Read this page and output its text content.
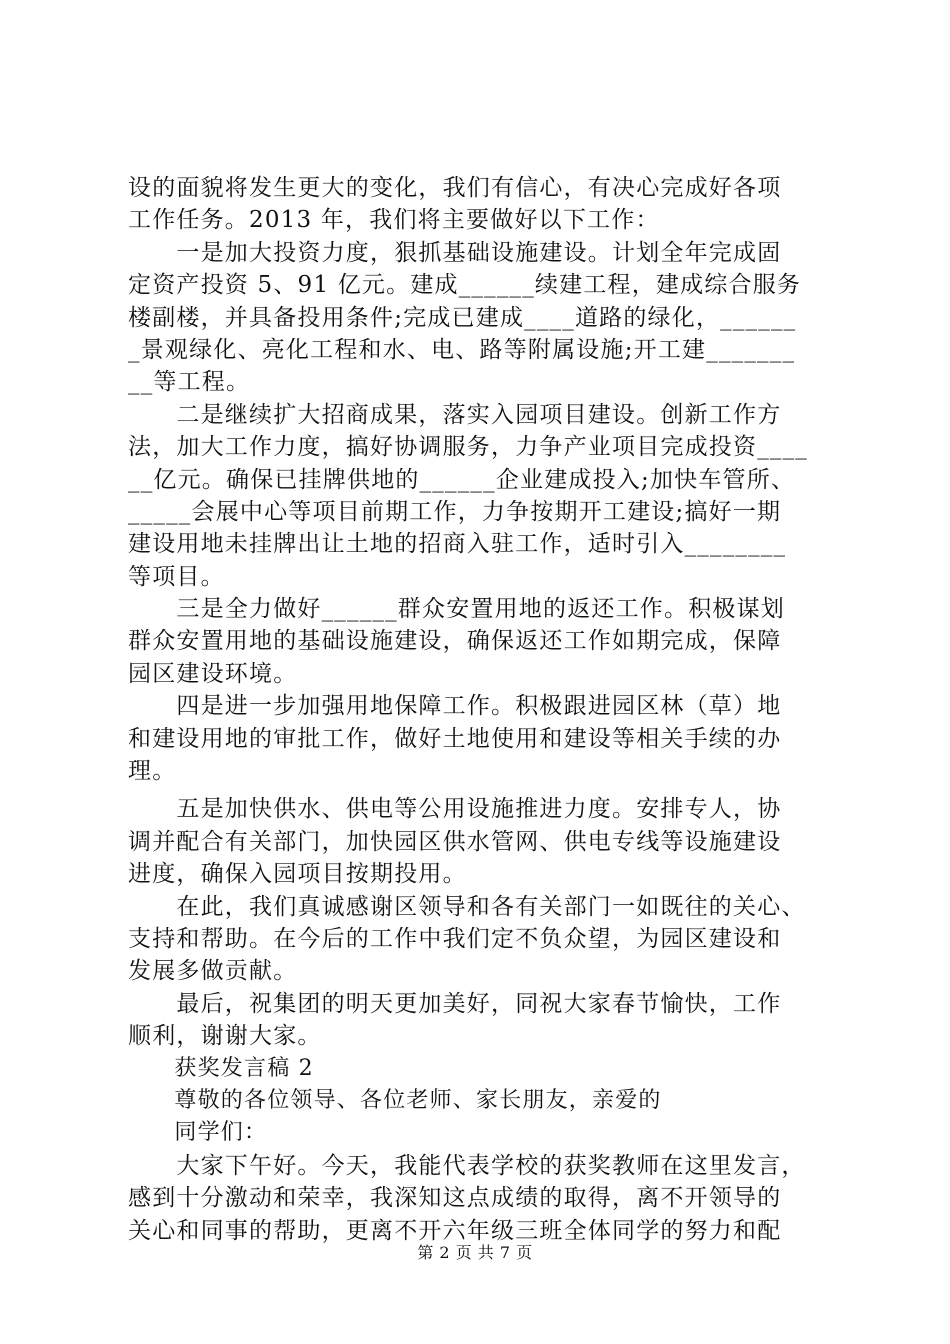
设的面貌将发生更大的变化，我们有信心，有决心完成好各项
工作任务。2013 年，我们将主要做好以下工作：
　　一是加大投资力度，狠抓基础设施建设。计划全年完成固
定资产投资 5、91 亿元。建成______续建工程，建成综合服务
楼副楼，并具备投用条件;完成已建成____道路的绿化，______
_景观绿化、亮化工程和水、电、路等附属设施;开工建_______
__等工程。
　　二是继续扩大招商成果，落实入园项目建设。创新工作方
法，加大工作力度，搞好协调服务，力争产业项目完成投资____
__亿元。确保已挂牌供地的______企业建成投入;加快车管所、
_____会展中心等项目前期工作，力争按期开工建设;搞好一期
建设用地未挂牌出让土地的招商入驻工作，适时引入________
等项目。
　　三是全力做好______群众安置用地的返还工作。积极谋划
群众安置用地的基础设施建设，确保返还工作如期完成，保障
园区建设环境。
　　四是进一步加强用地保障工作。积极跟进园区林（草）地
和建设用地的审批工作，做好土地使用和建设等相关手续的办
理。
　　五是加快供水、供电等公用设施推进力度。安排专人，协
调并配合有关部门，加快园区供水管网、供电专线等设施建设
进度，确保入园项目按期投用。
　　在此，我们真诚感谢区领导和各有关部门一如既往的关心、
支持和帮助。在今后的工作中我们定不负众望，为园区建设和
发展多做贡献。
　　最后，祝集团的明天更加美好，同祝大家春节愉快，工作
顺利，谢谢大家。
　　获奖发言稿 2
　　尊敬的各位领导、各位老师、家长朋友，亲爱的
　　同学们：
　　大家下午好。今天，我能代表学校的获奖教师在这里发言，
感到十分激动和荣幸，我深知这点成绩的取得，离不开领导的
关心和同事的帮助，更离不开六年级三班全体同学的努力和配
第 2 页 共 7 页
